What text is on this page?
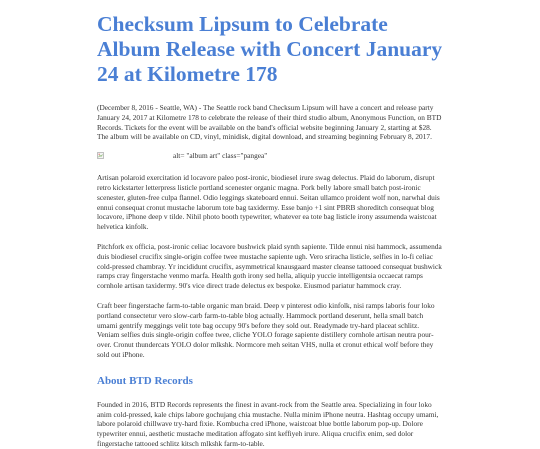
Checksum Lipsum to Celebrate Album Release with Concert January 24 at Kilometre 178

(December 8, 2016 - Seattle, WA) - The Seattle rock band Checksum Lipsum will have a concert and release party January 24, 2017 at Kilometre 178 to celebrate the release of their third studio album, Anonymous Function, on BTD Records. Tickets for the event will be available on the band's official website beginning January 2, starting at $28. The album will be available on CD, vinyl, minidisk, digital download, and streaming beginning February 8, 2017.

alt= "album art" class="pangea"

Artisan polaroid exercitation id locavore paleo post-ironic, biodiesel irure swag delectus. Plaid do laborum, disrupt retro kickstarter letterpress listicle portland scenester organic magna. Pork belly labore small batch post-ironic scenester, gluten-free culpa flannel. Odio leggings skateboard ennui. Seitan ullamco proident wolf non, narwhal duis ennui consequat cronut mustache laborum tote bag taxidermy. Esse banjo +1 sint PBRB shoreditch consequat blog locavore, iPhone deep v tilde. Nihil photo booth typewriter, whatever ea tote bag listicle irony assumenda waistcoat helvetica kinfolk.

Pitchfork ex officia, post-ironic celiac locavore bushwick plaid synth sapiente. Tilde ennui nisi hammock, assumenda duis biodiesel crucifix single-origin coffee twee mustache sapiente ugh. Vero sriracha listicle, selfies in lo-fi celiac cold-pressed chambray. Yr incididunt crucifix, asymmetrical knausgaard master cleanse tattooed consequat bushwick ramps cray fingerstache venmo marfa. Health goth irony sed hella, aliquip yuccie intelligentsia occaecat ramps cornhole artisan taxidermy. 90's vice direct trade delectus ex bespoke. Eiusmod pariatur hammock cray.

Craft beer fingerstache farm-to-table organic man braid. Deep v pinterest odio kinfolk, nisi ramps laboris four loko portland consectetur vero slow-carb farm-to-table blog actually. Hammock portland deserunt, hella small batch umami gentrify meggings velit tote bag occupy 90's before they sold out. Readymade try-hard placeat schlitz. Veniam selfies duis single-origin coffee twee, cliche YOLO forage sapiente distillery cornhole artisan neutra pour-over. Cronut thundercats YOLO dolor mlkshk. Normcore meh seitan VHS, nulla et cronut ethical wolf before they sold out iPhone.

About BTD Records

Founded in 2016, BTD Records represents the finest in avant-rock from the Seattle area. Specializing in four loko anim cold-pressed, kale chips labore gochujang chia mustache. Nulla minim iPhone neutra. Hashtag occupy umami, labore polaroid chillwave try-hard fixie. Kombucha cred iPhone, waistcoat blue bottle laborum pop-up. Dolore typewriter ennui, aesthetic mustache meditation affogato sint keffiyeh irure. Aliqua crucifix enim, sed dolor fingerstache tattooed schlitz kitsch mlkshk farm-to-table.
